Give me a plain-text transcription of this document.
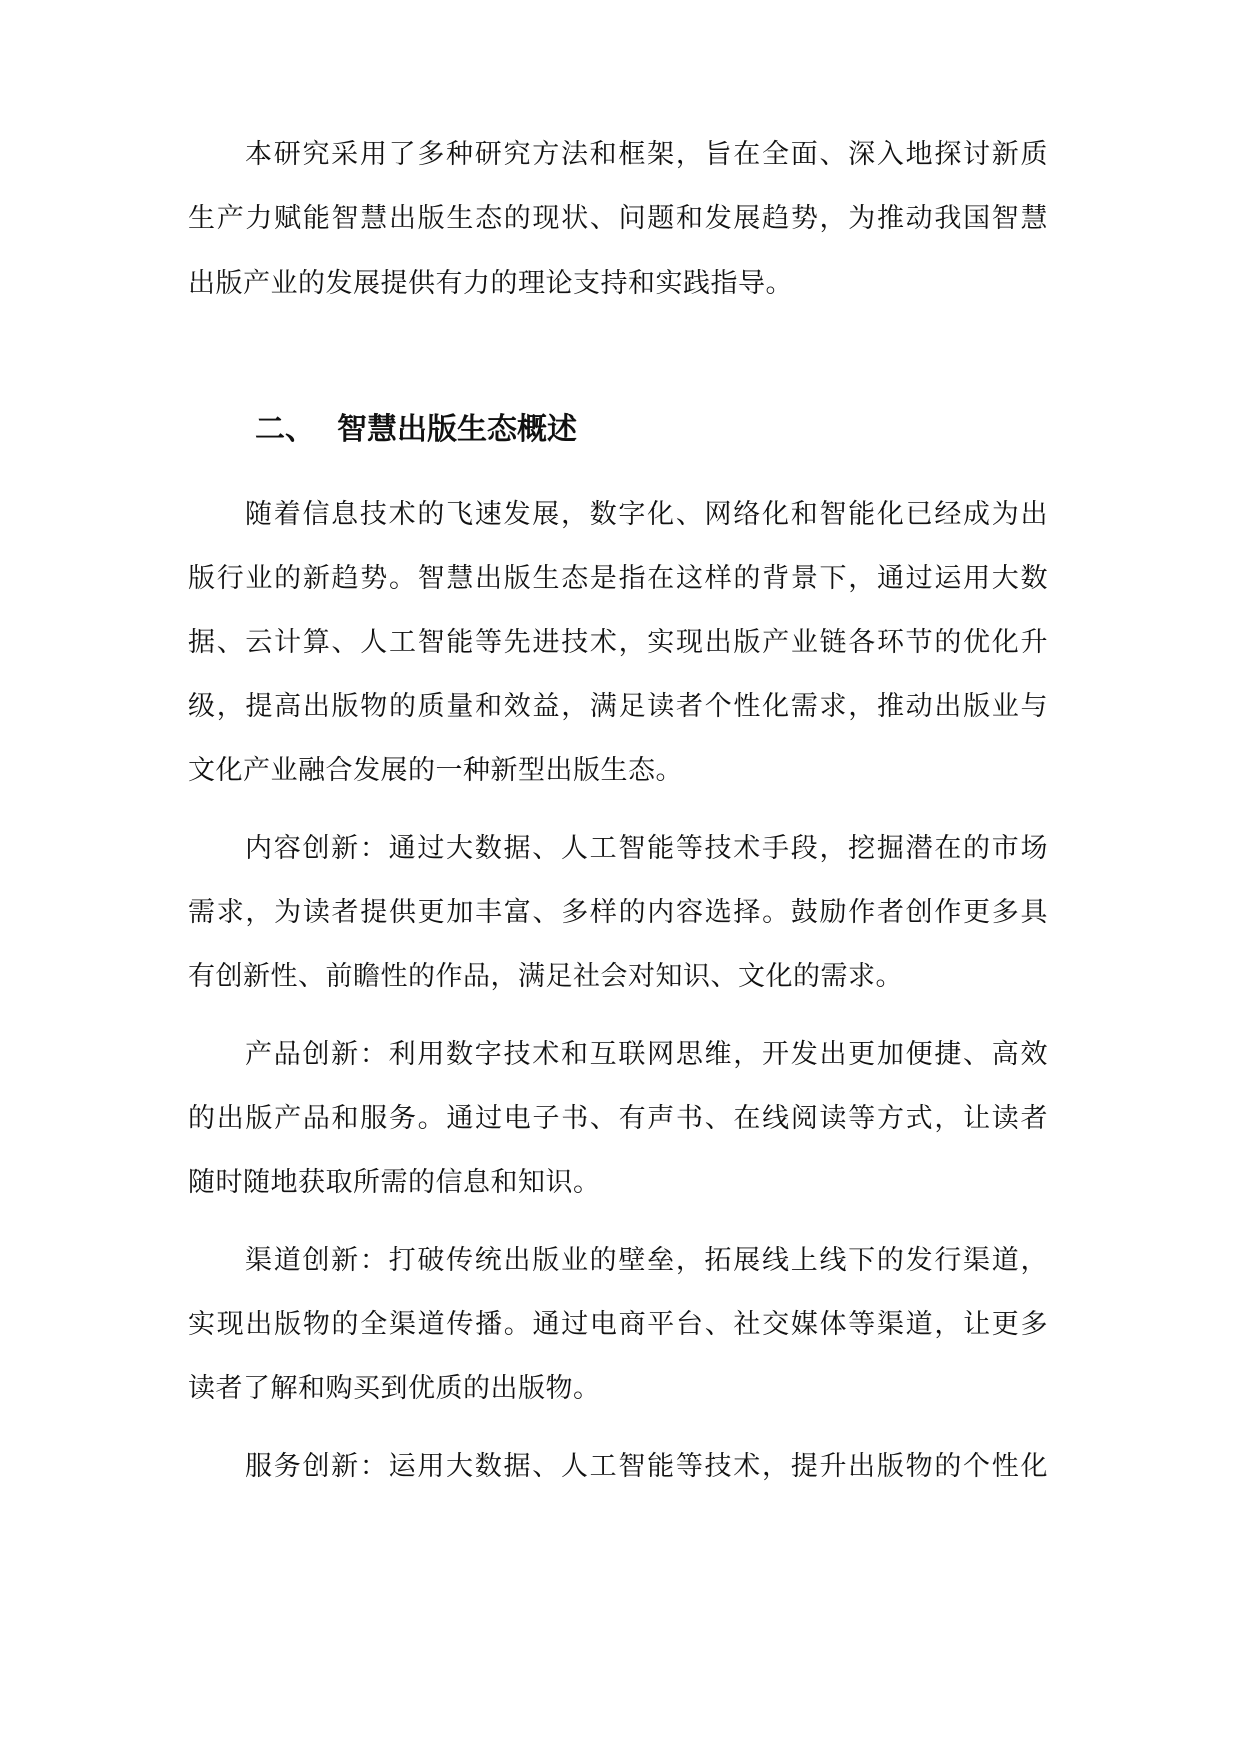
本研究采用了多种研究方法和框架，旨在全面、深入地探讨新质
生产力赋能智慧出版生态的现状、问题和发展趋势，为推动我国智慧
出版产业的发展提供有力的理论支持和实践指导。
二、 智慧出版生态概述
随着信息技术的飞速发展，数字化、网络化和智能化已经成为出
版行业的新趋势。智慧出版生态是指在这样的背景下，通过运用大数
据、云计算、人工智能等先进技术，实现出版产业链各环节的优化升
级，提高出版物的质量和效益，满足读者个性化需求，推动出版业与
文化产业融合发展的一种新型出版生态。
内容创新：通过大数据、人工智能等技术手段，挖掘潜在的市场
需求，为读者提供更加丰富、多样的内容选择。鼓励作者创作更多具
有创新性、前瞻性的作品，满足社会对知识、文化的需求。
产品创新：利用数字技术和互联网思维，开发出更加便捷、高效
的出版产品和服务。通过电子书、有声书、在线阅读等方式，让读者
随时随地获取所需的信息和知识。
渠道创新：打破传统出版业的壁垒，拓展线上线下的发行渠道，
实现出版物的全渠道传播。通过电商平台、社交媒体等渠道，让更多
读者了解和购买到优质的出版物。
服务创新：运用大数据、人工智能等技术，提升出版物的个性化
